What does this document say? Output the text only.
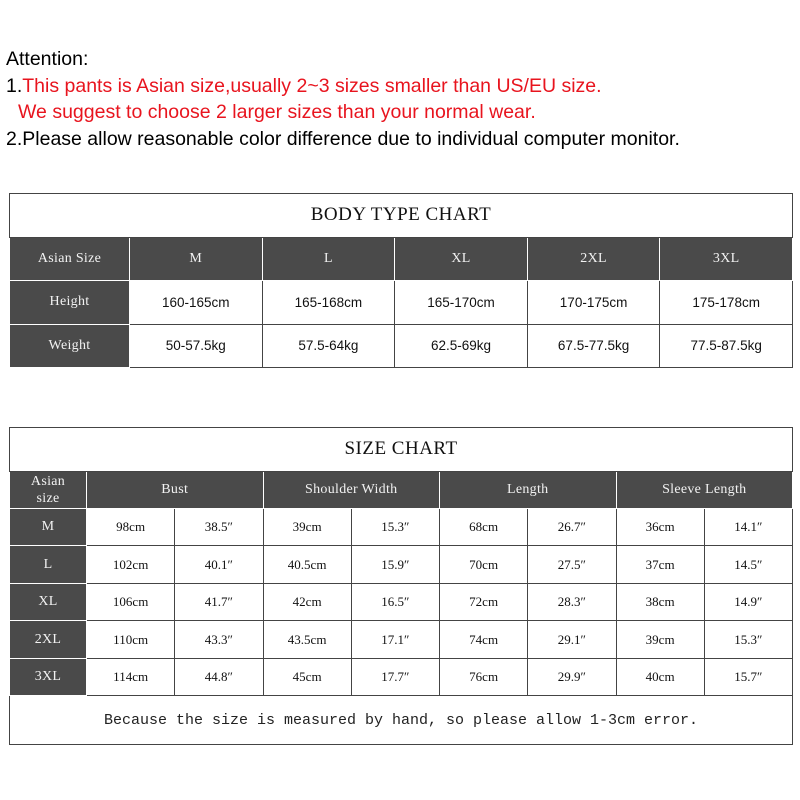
Attention:
1.This pants is Asian size,usually 2~3 sizes smaller than US/EU size.
We suggest to choose 2 larger sizes than your normal wear.
2.Please allow reasonable color difference due to individual computer monitor.
BODY TYPE CHART					
Asian Size	M	L	XL	2XL	3XL
Height	160-165cm	165-168cm	165-170cm	170-175cm	175-178cm
Weight	50-57.5kg	57.5-64kg	62.5-69kg	67.5-77.5kg	77.5-87.5kg
SIZE CHART								
Asian
size	Bust		Shoulder Width		Length		Sleeve Length	
M	98cm	38.5″	39cm	15.3″	68cm	26.7″	36cm	14.1″
L	102cm	40.1″	40.5cm	15.9″	70cm	27.5″	37cm	14.5″
XL	106cm	41.7″	42cm	16.5″	72cm	28.3″	38cm	14.9″
2XL	110cm	43.3″	43.5cm	17.1″	74cm	29.1″	39cm	15.3″
3XL	114cm	44.8″	45cm	17.7″	76cm	29.9″	40cm	15.7″
Because the size is measured by hand, so please allow 1-3cm error.								
